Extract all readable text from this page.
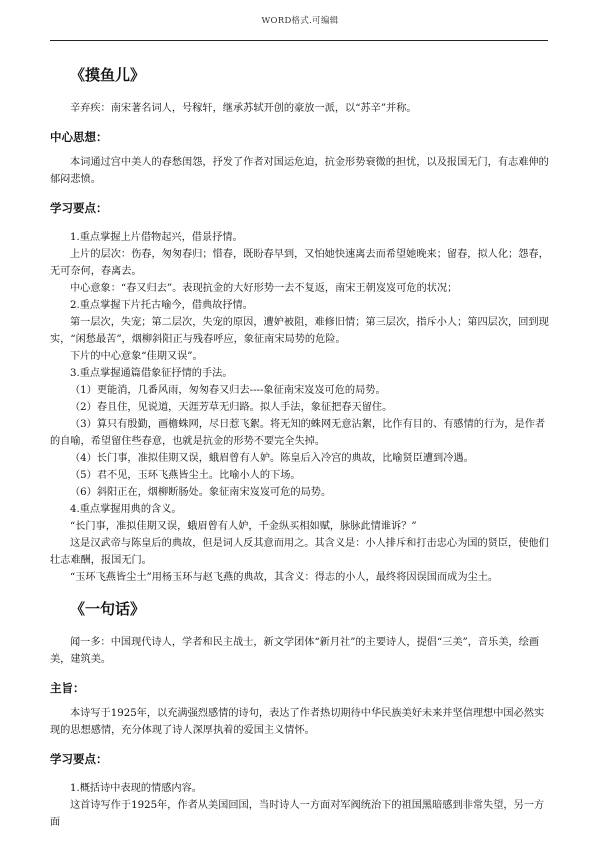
WORD格式.可编辑
《摸鱼儿》

辛弃疾：南宋著名词人，号稼轩，继承苏轼开创的豪放一派，以“苏辛”并称。

中心思想：

本词通过宫中美人的春愁闺怨，抒发了作者对国运危迫，抗金形势衰微的担忧，以及报国无门，有志难伸的郁闷悲愤。

学习要点：

1.重点掌握上片借物起兴，借景抒情。

上片的层次：伤春，匆匆春归；惜春，既盼春早到，又怕她快速离去而希望她晚来；留春，拟人化；怨春，无可奈何，春离去。

中心意象：“春又归去”。表现抗金的大好形势一去不复返，南宋王朝岌岌可危的状况；

2.重点掌握下片托古喻今，借典故抒情。

第一层次，失宠；第二层次，失宠的原因，遭妒被阻，难修旧情；第三层次，指斥小人；第四层次，回到现实，“闲愁最苦”，烟柳斜阳正与残春呼应，象征南宋局势的危险。

下片的中心意象“佳期又误”。

3.重点掌握通篇借象征抒情的手法。

（1）更能消，几番风雨，匆匆春又归去----象征南宋岌岌可危的局势。

（2）春且住，见说道，天涯芳草无归路。拟人手法，象征把春天留住。

（3）算只有殷勤，画檐蛛网，尽日惹飞絮。将无知的蛛网无意沾絮，比作有目的、有感情的行为，是作者的自喻，希望留住些春意，也就是抗金的形势不要完全失掉。

（4）长门事，准拟佳期又误，蛾眉曾有人妒。陈皇后入冷宫的典故，比喻贤臣遭到冷遇。

（5）君不见，玉环飞燕皆尘土。比喻小人的下场。

（6）斜阳正在，烟柳断肠处。象征南宋岌岌可危的局势。

4.重点掌握用典的含义。

“长门事，准拟佳期又误，蛾眉曾有人妒，千金纵买相如赋，脉脉此情谁诉？”

这是汉武帝与陈皇后的典故，但是词人反其意而用之。其含义是：小人排斥和打击忠心为国的贤臣，使他们壮志难酬，报国无门。

“玉环飞燕皆尘土”用杨玉环与赵飞燕的典故，其含义：得志的小人，最终将因误国而成为尘土。

《一句话》

闻一多：中国现代诗人，学者和民主战士，新文学团体“新月社”的主要诗人，提倡“三美”，音乐美，绘画美，建筑美。

主旨：

本诗写于1925年，以充满强烈感情的诗句，表达了作者热切期待中华民族美好未来并坚信理想中国必然实现的思想感情，充分体现了诗人深厚执着的爱国主义情怀。

学习要点：

1.概括诗中表现的情感内容。

这首诗写作于1925年，作者从美国回国，当时诗人一方面对军阀统治下的祖国黑暗感到非常失望，另一方面
